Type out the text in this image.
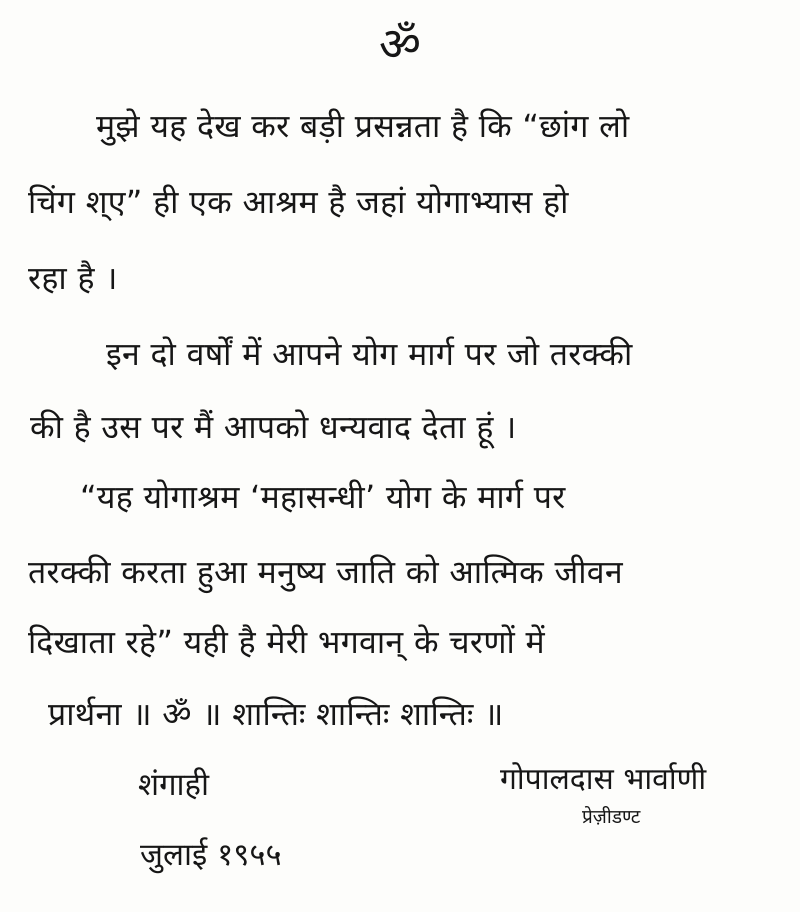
ॐ
मुझे यह देख कर बड़ी प्रसन्नता है कि “छांग लो
चिंग श्ए” ही एक आश्रम है जहां योगाभ्यास हो
रहा है ।
इन दो वर्षों में आपने योग मार्ग पर जो तरक्की
की है उस पर मैं आपको धन्यवाद देता हूं ।
“यह योगाश्रम ‘महासन्धी’ योग के मार्ग पर
तरक्की करता हुआ मनुष्य जाति को आत्मिक जीवन
दिखाता रहे” यही है मेरी भगवान् के चरणों में
प्रार्थना ॥ ॐ ॥ शान्तिः शान्तिः शान्तिः ॥
शंगाही
जुलाई १९५५
गोपालदास भार्वाणी
प्रेज़ीडण्ट
